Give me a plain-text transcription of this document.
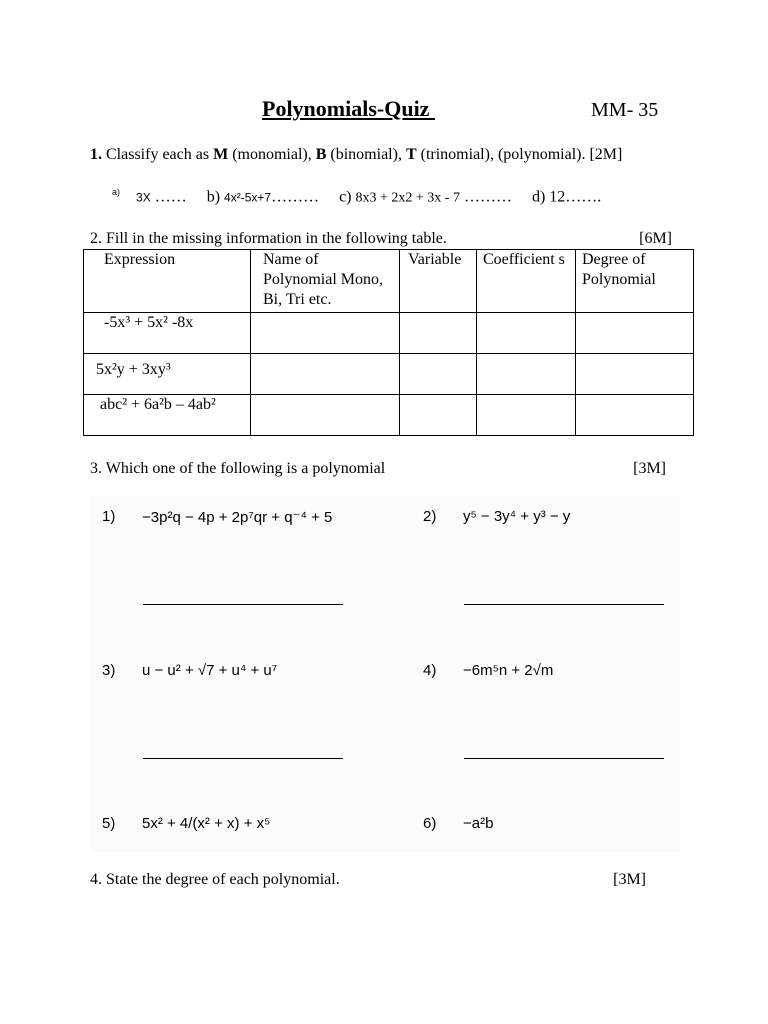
Polynomials-Quiz	MM- 35
1. Classify each as M (monomial), B (binomial), T (trinomial), (polynomial). [2M]
$^{a)}$ 3X …… b) 4x²-5x+7……… c) 8x3 + 2x2 + 3x - 7 ……… d) 12…….
2. Fill in the missing information in the following table.	[6M]
Expression	Name of Polynomial Mono, Bi, Tri etc.	Variable	Coefficient s	Degree of Polynomial
-5x³ + 5x² -8x				
5x²y + 3xy³				
abc² + 6a²b – 4ab²				
3. Which one of the following is a polynomial	[3M]
1) −3p²q − 4p + 2p⁷qr + q⁻⁴ + 5	2) y⁵ − 3y⁴ + y³ − y
3) u − u² + √7 + u⁴ + u⁷	4) −6m⁵n + 2√m
5) 5x² + 4/(x² + x) + x⁵	6) −a²b
4. State the degree of each polynomial.	[3M]
